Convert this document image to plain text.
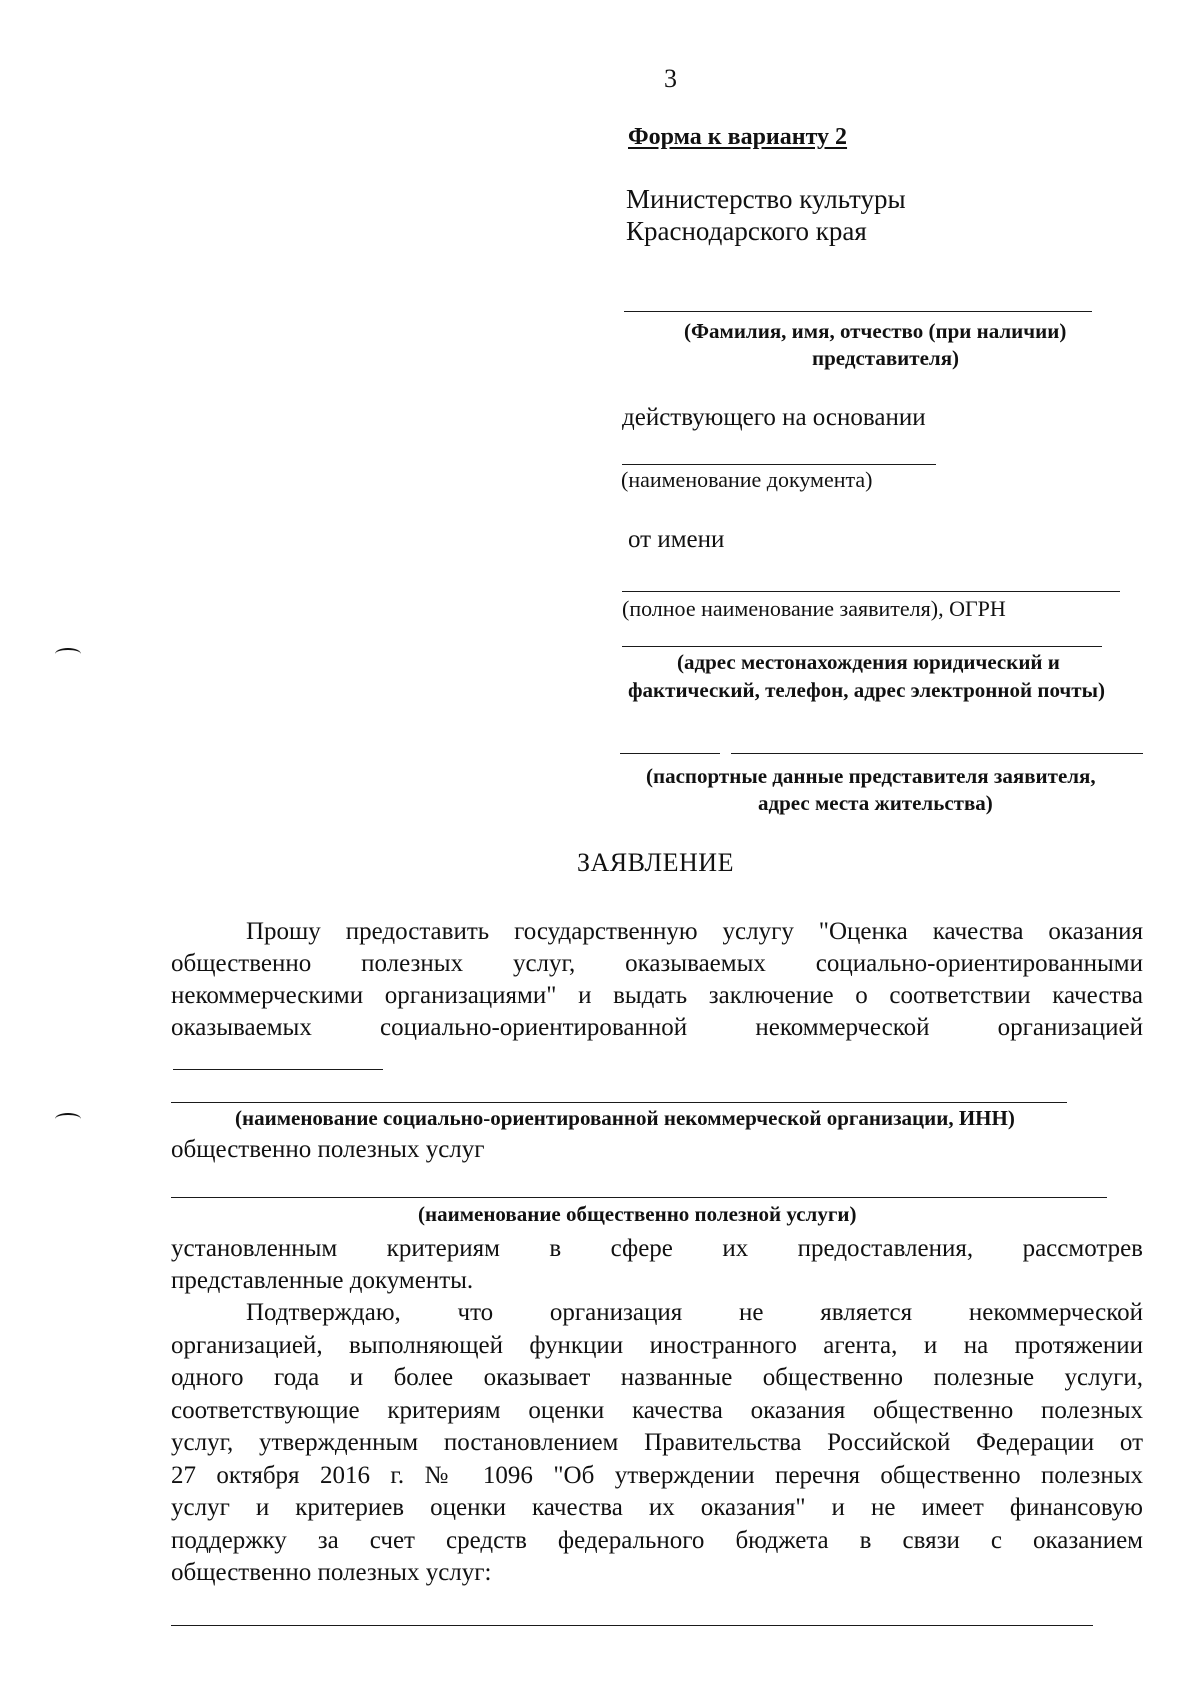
3
Форма к варианту 2
Министерство культуры
Краснодарского края
(Фамилия, имя, отчество (при наличии)
представителя)
действующего на основании
(наименование документа)
от имени
(полное наименование заявителя), ОГРН
(адрес местонахождения юридический и
фактический, телефон, адрес электронной почты)
(паспортные данные представителя заявителя,
адрес места жительства)
ЗАЯВЛЕНИЕ
Прошу предоставить государственную услугу "Оценка качества оказания
общественно полезных услуг, оказываемых социально-ориентированными
некоммерческими организациями" и выдать заключение о соответствии качества
оказываемых социально-ориентированной некоммерческой организацией
(наименование социально-ориентированной некоммерческой организации, ИНН)
общественно полезных услуг
(наименование общественно полезной услуги)
установленным критериям в сфере их предоставления, рассмотрев
представленные документы.
Подтверждаю, что организация не является некоммерческой
организацией, выполняющей функции иностранного агента, и на протяжении
одного года и более оказывает названные общественно полезные услуги,
соответствующие критериям оценки качества оказания общественно полезных
услуг, утвержденным постановлением Правительства Российской Федерации от
27 октября 2016 г. № 1096 "Об утверждении перечня общественно полезных
услуг и критериев оценки качества их оказания" и не имеет финансовую
поддержку за счет средств федерального бюджета в связи с оказанием
общественно полезных услуг:
